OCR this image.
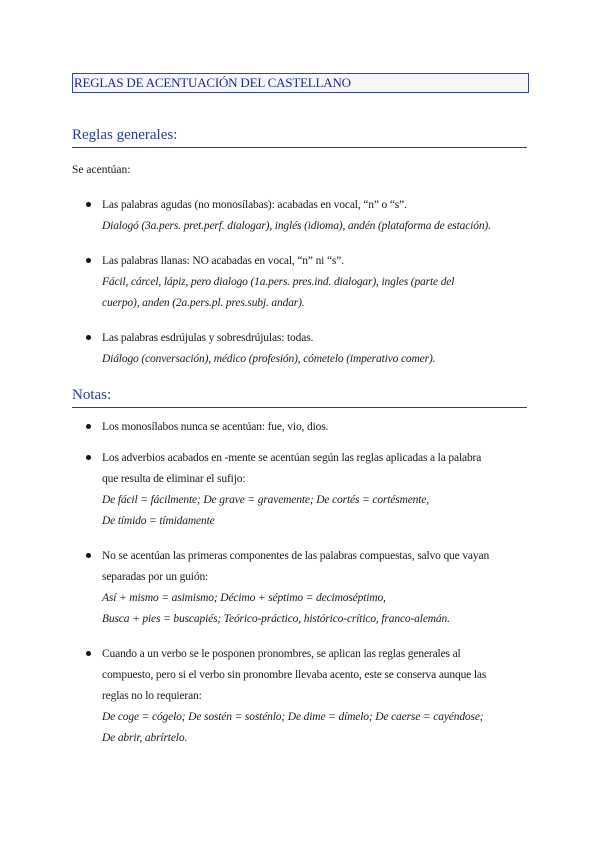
REGLAS DE ACENTUACIÓN DEL CASTELLANO
Reglas generales:
Se acentúan:
Las palabras agudas (no monosílabas): acabadas en vocal, “n” o “s”.
Dialogó (3a.pers. pret.perf. dialogar), inglés (idioma), andén (plataforma de estación).
Las palabras llanas: NO acabadas en vocal, “n” ni “s”.
Fácil, cárcel, lápiz, pero dialogo (1a.pers. pres.ind. dialogar), ingles (parte del
cuerpo), anden (2a.pers.pl. pres.subj. andar).
Las palabras esdrújulas y sobresdrújulas: todas.
Diálogo (conversación), médico (profesión), cómetelo (imperativo comer).
Notas:
Los monosílabos nunca se acentúan: fue, vio, dios.
Los adverbios acabados en -mente se acentúan según las reglas aplicadas a la palabra
que resulta de eliminar el sufijo:
De fácil = fácilmente; De grave = gravemente; De cortés = cortésmente,
De tímido = tímidamente
No se acentúan las primeras componentes de las palabras compuestas, salvo que vayan
separadas por un guión:
Así + mismo = asimismo; Décimo + séptimo = decimoséptimo,
Busca + pies = buscapiés; Teórico-práctico, histórico-crítico, franco-alemán.
Cuando a un verbo se le posponen pronombres, se aplican las reglas generales al
compuesto, pero si el verbo sin pronombre llevaba acento, este se conserva aunque las
reglas no lo requieran:
De coge = cógelo; De sostén = sosténlo; De dime = dímelo; De caerse = cayéndose;
De abrir, abrírtelo.
